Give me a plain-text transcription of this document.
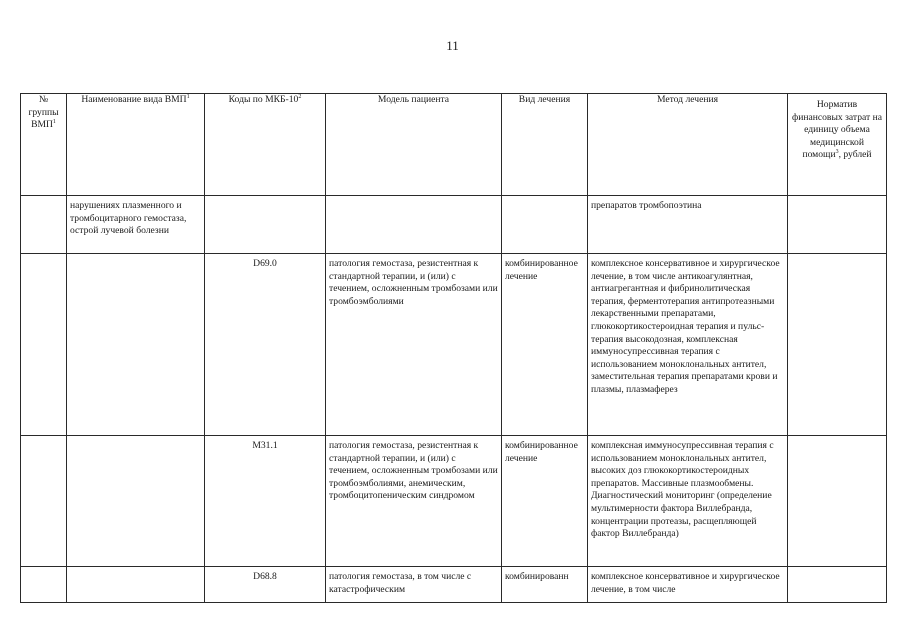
11
№ группы ВМП$^1$	Наименование вида ВМП$^1$	Коды по МКБ-$10^2$	Модель пациента	Вид лечения	Метод лечения	Норматив финансовых затрат на единицу объема медицинской помощи$^3$, рублей

	нарушениях плазменного и тромбоцитарного гемостаза, острой лучевой болезни				препаратов тромбопоэтина	

		D69.0	патология гемостаза, резистентная к стандартной терапии, и (или) с течением, осложненным тромбозами или тромбоэмболиями	комбинированное лечение	комплексное консервативное и хирургическое лечение, в том числе антикоагулянтная, антиагрегантная и фибринолитическая терапия, ферментотерапия антипротеазными лекарственными препаратами, глюкокортикостероидная терапия и пульс-терапия высокодозная, комплексная иммуносупрессивная терапия с использованием моноклональных антител, заместительная терапия препаратами крови и плазмы, плазмаферез	

		M31.1	патология гемостаза, резистентная к стандартной терапии, и (или) с течением, осложненным тромбозами или тромбоэмболиями, анемическим, тромбоцитопеническим синдромом	комбинированное лечение	комплексная иммуносупрессивная терапия с использованием моноклональных антител, высоких доз глюкокортикостероидных препаратов. Массивные плазмообмены. Диагностический мониторинг (определение мультимерности фактора Виллебранда, концентрации протеазы, расщепляющей фактор Виллебранда)	

		D68.8	патология гемостаза, в том числе с катастрофическим	комбинированн	комплексное консервативное и хирургическое лечение, в том числе	
